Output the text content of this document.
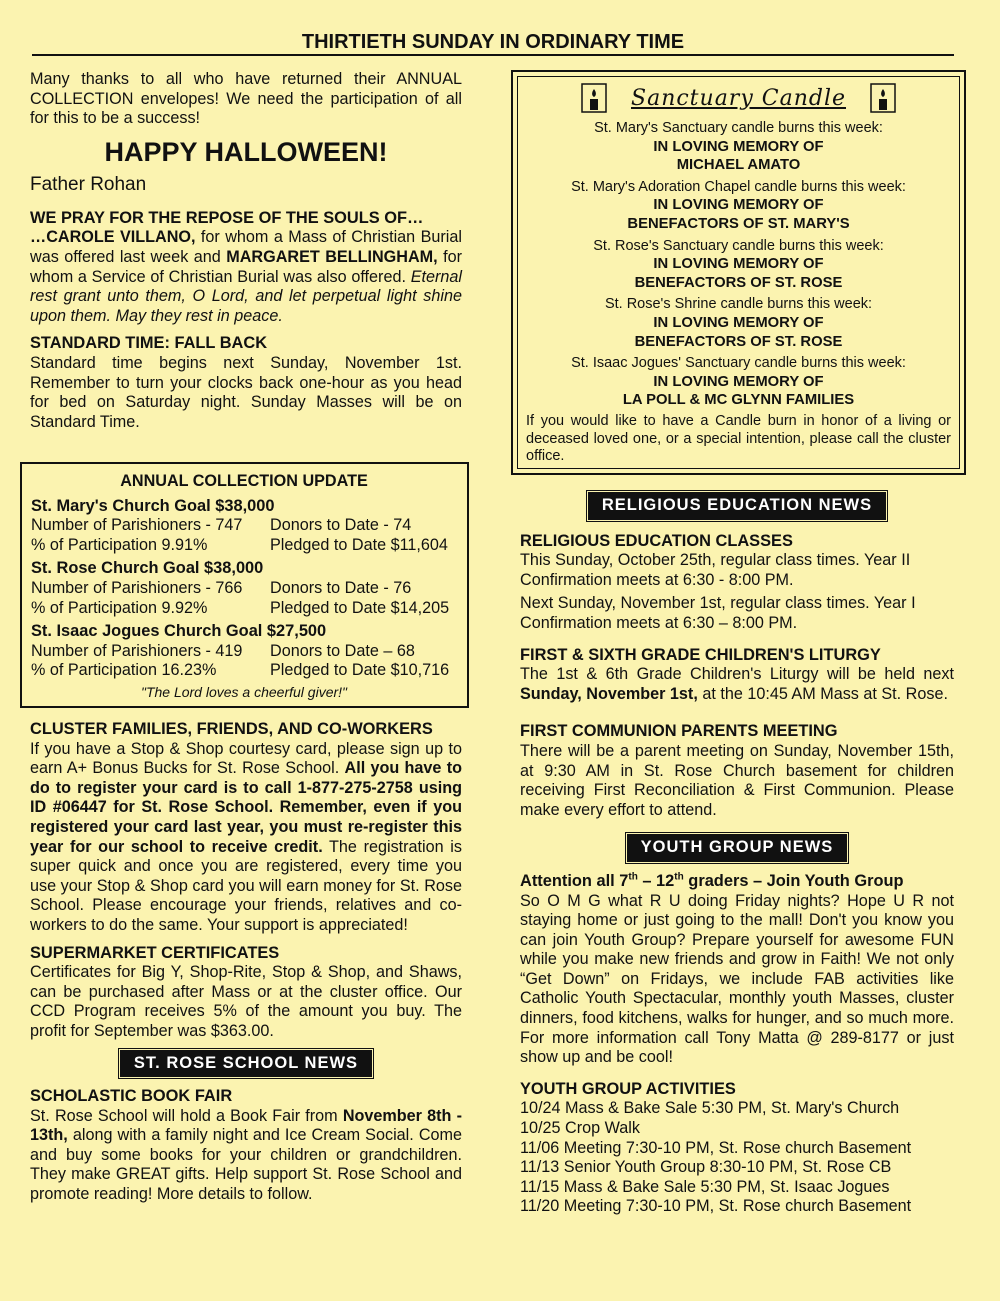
THIRTIETH SUNDAY IN ORDINARY TIME

Many thanks to all who have returned their ANNUAL COLLECTION envelopes! We need the participation of all for this to be a success!

HAPPY HALLOWEEN!
Father Rohan

WE PRAY FOR THE REPOSE OF THE SOULS OF…

…CAROLE VILLANO, for whom a Mass of Christian Burial was offered last week and MARGARET BELLINGHAM, for whom a Service of Christian Burial was also offered. Eternal rest grant unto them, O Lord, and let perpetual light shine upon them. May they rest in peace.

STANDARD TIME: FALL BACK

Standard time begins next Sunday, November 1st. Remember to turn your clocks back one-hour as you head for bed on Saturday night. Sunday Masses will be on Standard Time.

ANNUAL COLLECTION UPDATE

St. Mary's Church Goal $38,000

Number of Parishioners - 747	Donors to Date - 74
% of Participation 9.91%	Pledged to Date $11,604

St. Rose Church Goal $38,000

Number of Parishioners - 766	Donors to Date - 76
% of Participation 9.92%	Pledged to Date $14,205

St. Isaac Jogues Church Goal $27,500

Number of Parishioners - 419	Donors to Date – 68
% of Participation 16.23%	Pledged to Date $10,716
"The Lord loves a cheerful giver!"

CLUSTER FAMILIES, FRIENDS, AND CO-WORKERS

If you have a Stop & Shop courtesy card, please sign up to earn A+ Bonus Bucks for St. Rose School. All you have to do to register your card is to call 1-877-275-2758 using ID #06447 for St. Rose School. Remember, even if you registered your card last year, you must re-register this year for our school to receive credit. The registration is super quick and once you are registered, every time you use your Stop & Shop card you will earn money for St. Rose School. Please encourage your friends, relatives and co-workers to do the same. Your support is appreciated!

SUPERMARKET CERTIFICATES

Certificates for Big Y, Shop-Rite, Stop & Shop, and Shaws, can be purchased after Mass or at the cluster office. Our CCD Program receives 5% of the amount you buy. The profit for September was $363.00.

ST. ROSE SCHOOL NEWS

SCHOLASTIC BOOK FAIR

St. Rose School will hold a Book Fair from November 8th - 13th, along with a family night and Ice Cream Social. Come and buy some books for your children or grandchildren. They make GREAT gifts. Help support St. Rose School and promote reading! More details to follow.

Sanctuary Candle
St. Mary's Sanctuary candle burns this week:
IN LOVING MEMORY OF
MICHAEL AMATO
St. Mary's Adoration Chapel candle burns this week:
IN LOVING MEMORY OF
BENEFACTORS OF ST. MARY'S
St. Rose's Sanctuary candle burns this week:
IN LOVING MEMORY OF
BENEFACTORS OF ST. ROSE
St. Rose's Shrine candle burns this week:
IN LOVING MEMORY OF
BENEFACTORS OF ST. ROSE
St. Isaac Jogues' Sanctuary candle burns this week:
IN LOVING MEMORY OF
LA POLL & MC GLYNN FAMILIES

If you would like to have a Candle burn in honor of a living or deceased loved one, or a special intention, please call the cluster office.

RELIGIOUS EDUCATION NEWS

RELIGIOUS EDUCATION CLASSES

This Sunday, October 25th, regular class times. Year II Confirmation meets at 6:30 - 8:00 PM.

Next Sunday, November 1st, regular class times. Year I Confirmation meets at 6:30 – 8:00 PM.

FIRST & SIXTH GRADE CHILDREN'S LITURGY

The 1st & 6th Grade Children's Liturgy will be held next Sunday, November 1st, at the 10:45 AM Mass at St. Rose.

FIRST COMMUNION PARENTS MEETING

There will be a parent meeting on Sunday, November 15th, at 9:30 AM in St. Rose Church basement for children receiving First Reconciliation & First Communion. Please make every effort to attend.

YOUTH GROUP NEWS

Attention all 7th – 12th graders – Join Youth Group

So O M G what R U doing Friday nights? Hope U R not staying home or just going to the mall! Don't you know you can join Youth Group? Prepare yourself for awesome FUN while you make new friends and grow in Faith! We not only “Get Down” on Fridays, we include FAB activities like Catholic Youth Spectacular, monthly youth Masses, cluster dinners, food kitchens, walks for hunger, and so much more. For more information call Tony Matta @ 289-8177 or just show up and be cool!

YOUTH GROUP ACTIVITIES

10/24 Mass & Bake Sale 5:30 PM, St. Mary's Church
10/25 Crop Walk
11/06 Meeting 7:30-10 PM, St. Rose church Basement
11/13 Senior Youth Group 8:30-10 PM, St. Rose CB
11/15 Mass & Bake Sale 5:30 PM, St. Isaac Jogues
11/20 Meeting 7:30-10 PM, St. Rose church Basement
